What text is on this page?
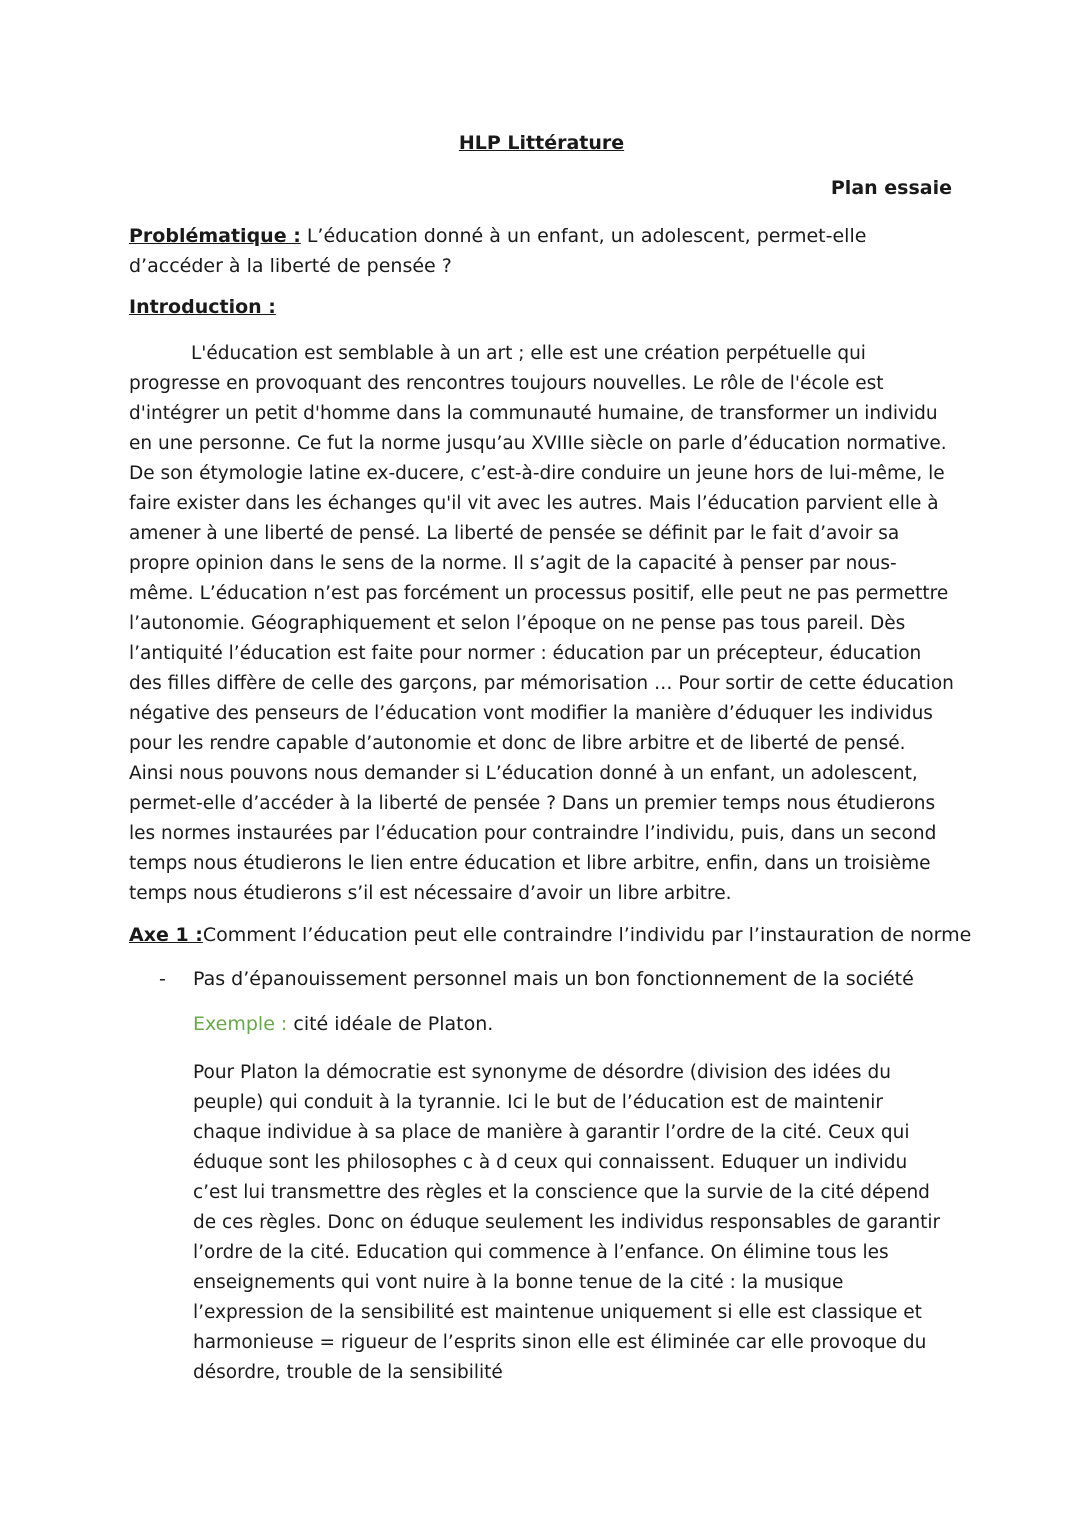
HLP Littérature
Plan essaie
Problématique : L’éducation donné à un enfant, un adolescent, permet-elle d’accéder à la liberté de pensée ?
Introduction :
L'éducation est semblable à un art ; elle est une création perpétuelle qui progresse en provoquant des rencontres toujours nouvelles. Le rôle de l'école est d'intégrer un petit d'homme dans la communauté humaine, de transformer un individu en une personne. Ce fut la norme jusqu’au XVIIIe siècle on parle d’éducation normative. De son étymologie latine ex-ducere, c’est-à-dire conduire un jeune hors de lui-même, le faire exister dans les échanges qu'il vit avec les autres. Mais l’éducation parvient elle à amener à une liberté de pensé. La liberté de pensée se définit par le fait d’avoir sa propre opinion dans le sens de la norme. Il s’agit de la capacité à penser par nous-même. L’éducation n’est pas forcément un processus positif, elle peut ne pas permettre l’autonomie. Géographiquement et selon l’époque on ne pense pas tous pareil. Dès l’antiquité l’éducation est faite pour normer : éducation par un précepteur, éducation des filles diffère de celle des garçons, par mémorisation … Pour sortir de cette éducation négative des penseurs de l’éducation vont modifier la manière d’éduquer les individus pour les rendre capable d’autonomie et donc de libre arbitre et de liberté de pensé. Ainsi nous pouvons nous demander si L’éducation donné à un enfant, un adolescent, permet-elle d’accéder à la liberté de pensée ? Dans un premier temps nous étudierons les normes instaurées par l’éducation pour contraindre l’individu, puis, dans un second temps nous étudierons le lien entre éducation et libre arbitre, enfin, dans un troisième temps nous étudierons s’il est nécessaire d’avoir un libre arbitre.
Axe 1 :Comment l’éducation peut elle contraindre l’individu par l’instauration de norme
-	Pas d’épanouissement personnel mais un bon fonctionnement de la société
Exemple : cité idéale de Platon.
Pour Platon la démocratie est synonyme de désordre (division des idées du peuple) qui conduit à la tyrannie. Ici le but de l’éducation est de maintenir chaque individue à sa place de manière à garantir l’ordre de la cité. Ceux qui éduque sont les philosophes c à d ceux qui connaissent. Eduquer un individu c’est lui transmettre des règles et la conscience que la survie de la cité dépend de ces règles. Donc on éduque seulement les individus responsables de garantir l’ordre de la cité. Education qui commence à l’enfance. On élimine tous les enseignements qui vont nuire à la bonne tenue de la cité : la musique l’expression de la sensibilité est maintenue uniquement si elle est classique et harmonieuse = rigueur de l’esprits sinon elle est éliminée car elle provoque du désordre, trouble de la sensibilité
